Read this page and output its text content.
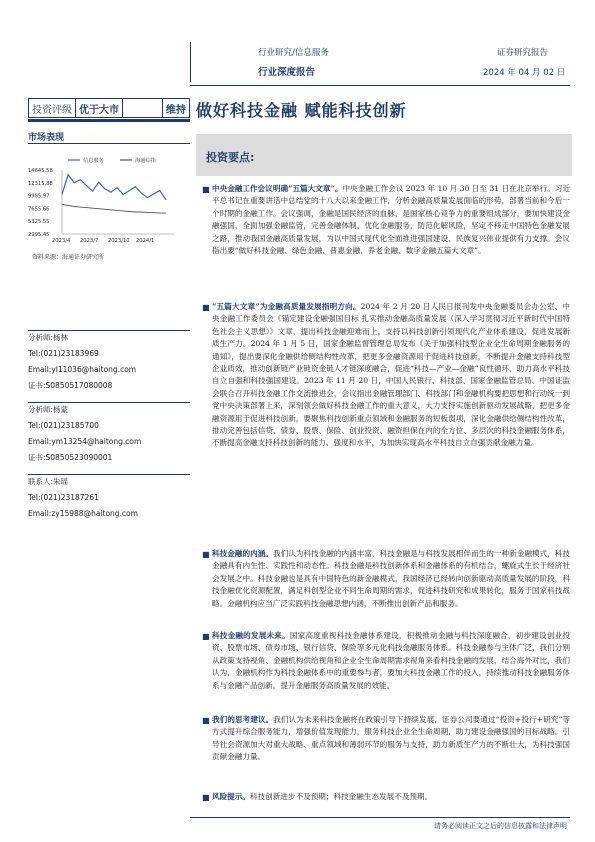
行业研究/信息服务
行业深度报告
证券研究报告
2024 年 04 月 02 日
投资评级 优于大市	维持 做好科技金融 赋能科技创新
市场表现
信息服务	海通综指
14645.58
12315.88
9985.97
7655.66
5325.55
2995.45
2023/4 2023/7 2023/10 2024/1
资料来源：海通证券研究所
分析师:杨林
Tel:(021)23183969
Email:yl11036@haitong.com
证书:S0850517080008
分析师:杨蒙
Tel:(021)23185700
Email:ym13254@haitong.com
证书:S0850523090001
联系人:朱瑶
Tel:(021)23187261
Email:zy15988@haitong.com
投资要点:
■ 中央金融工作会议明确“五篇大文章”。中央金融工作会议 2023 年 10 月 30 日至 31 日在北京举行。习近平总书记在重要讲话中总结党的十八大以来金融工作，分析金融高质量发展面临的形势，部署当前和今后一个时期的金融工作。会议强调，金融是国民经济的血脉，是国家核心竞争力的重要组成部分，要加快建设金融强国，全面加强金融监管，完善金融体制，优化金融服务，防范化解风险，坚定不移走中国特色金融发展之路，推动我国金融高质量发展，为以中国式现代化全面推进强国建设、民族复兴伟业提供有力支撑。会议指出要“做好科技金融、绿色金融、普惠金融、养老金融、数字金融五篇大文章”。
■ “五篇大文章”为金融高质量发展指明方向。2024 年 2 月 20 日人民日报刊发中央金融委员会办公室、中央金融工作委员会《锚定建设金融强国目标 扎实推动金融高质量发展（深入学习贯彻习近平新时代中国特色社会主义思想）》文章，提出科技金融迎难而上，支持以科技创新引领现代化产业体系建设，促进发展新质生产力。2024 年 1 月 5 日，国家金融监督管理总局发布《关于加强科技型企业全生命周期金融服务的通知》，提出要深化金融供给侧结构性改革，把更多金融资源用于促进科技创新，不断提升金融支持科技型企业质效，推动创新链产业链资金链人才链深度融合，促进“科技—产业—金融”良性循环，助力高水平科技自立自强和科技强国建设。2023 年 11 月 20 日，中国人民银行、科技部、国家金融监管总局、中国证监会联合召开科技金融工作交流推进会，会议指出金融管理部门、科技部门和金融机构要把思想和行动统一到党中央决策部署上来，深刻领会做好科技金融工作的重大意义，大力支持实施创新驱动发展战略，把更多金融资源用于促进科技创新，要聚焦科技创新重点领域和金融服务的短板弱项，深化金融供给侧结构性改革，推动完善包括信贷、债券、股票、保险、创业投资、融资担保在内的全方位、多层次的科技金融服务体系，不断提高金融支持科技创新的能力、强度和水平，为加快实现高水平科技自立自强贡献金融力量。
■ 科技金融的内涵。我们认为科技金融的内涵丰富，科技金融是与科技发展相伴而生的一种新金融模式，科技金融具有内生性、实践性和动态性。科技金融是科技创新体系和金融体系的有机结合，螺旋式生长于经济社会发展之中。科技金融也是具有中国特色的新金融模式，我国经济已经转向创新驱动高质量发展的阶段，科技金融优化资源配置，满足科创型企业不同生命周期的需求，促进科技研究和成果转化，服务于国家科技战略。金融机构应当广泛实践科技金融思想内涵，不断推出创新产品和服务。
■ 科技金融的发展未来。国家高度重视科技金融体系建设，积极推动金融与科技深度融合，初步建设创业投资、股票市场、债券市场、银行信贷、保险等多元化科技金融服务体系。科技金融参与主体广泛，我们分别从政策支持视角、金融机构供给视角和企业全生命周期需求视角来看科技金融的发展，结合海外对比，我们认为，金融机构作为科技金融体系中的重要参与者，要加大科技金融工作的投入，持续推动科技金融服务体系与金融产品创新，提升金融服务高质量发展的效能。
■ 我们的思考建议。我们认为未来科技金融将在政策引导下持续发展，证券公司要通过“投资+投行+研究”等方式提升综合服务能力，增强价值发现能力，服务科技企业全生命周期，助力建设金融强国的目标战略。引导社会资源加大对重大战略、重点领域和薄弱环节的服务与支持，助力新质生产力的不断壮大，为科技强国贡献金融力量。
■ 风险提示。科技创新进步不及预期；科技金融生态发展不及预期。
请务必阅读正文之后的信息披露和法律声明
